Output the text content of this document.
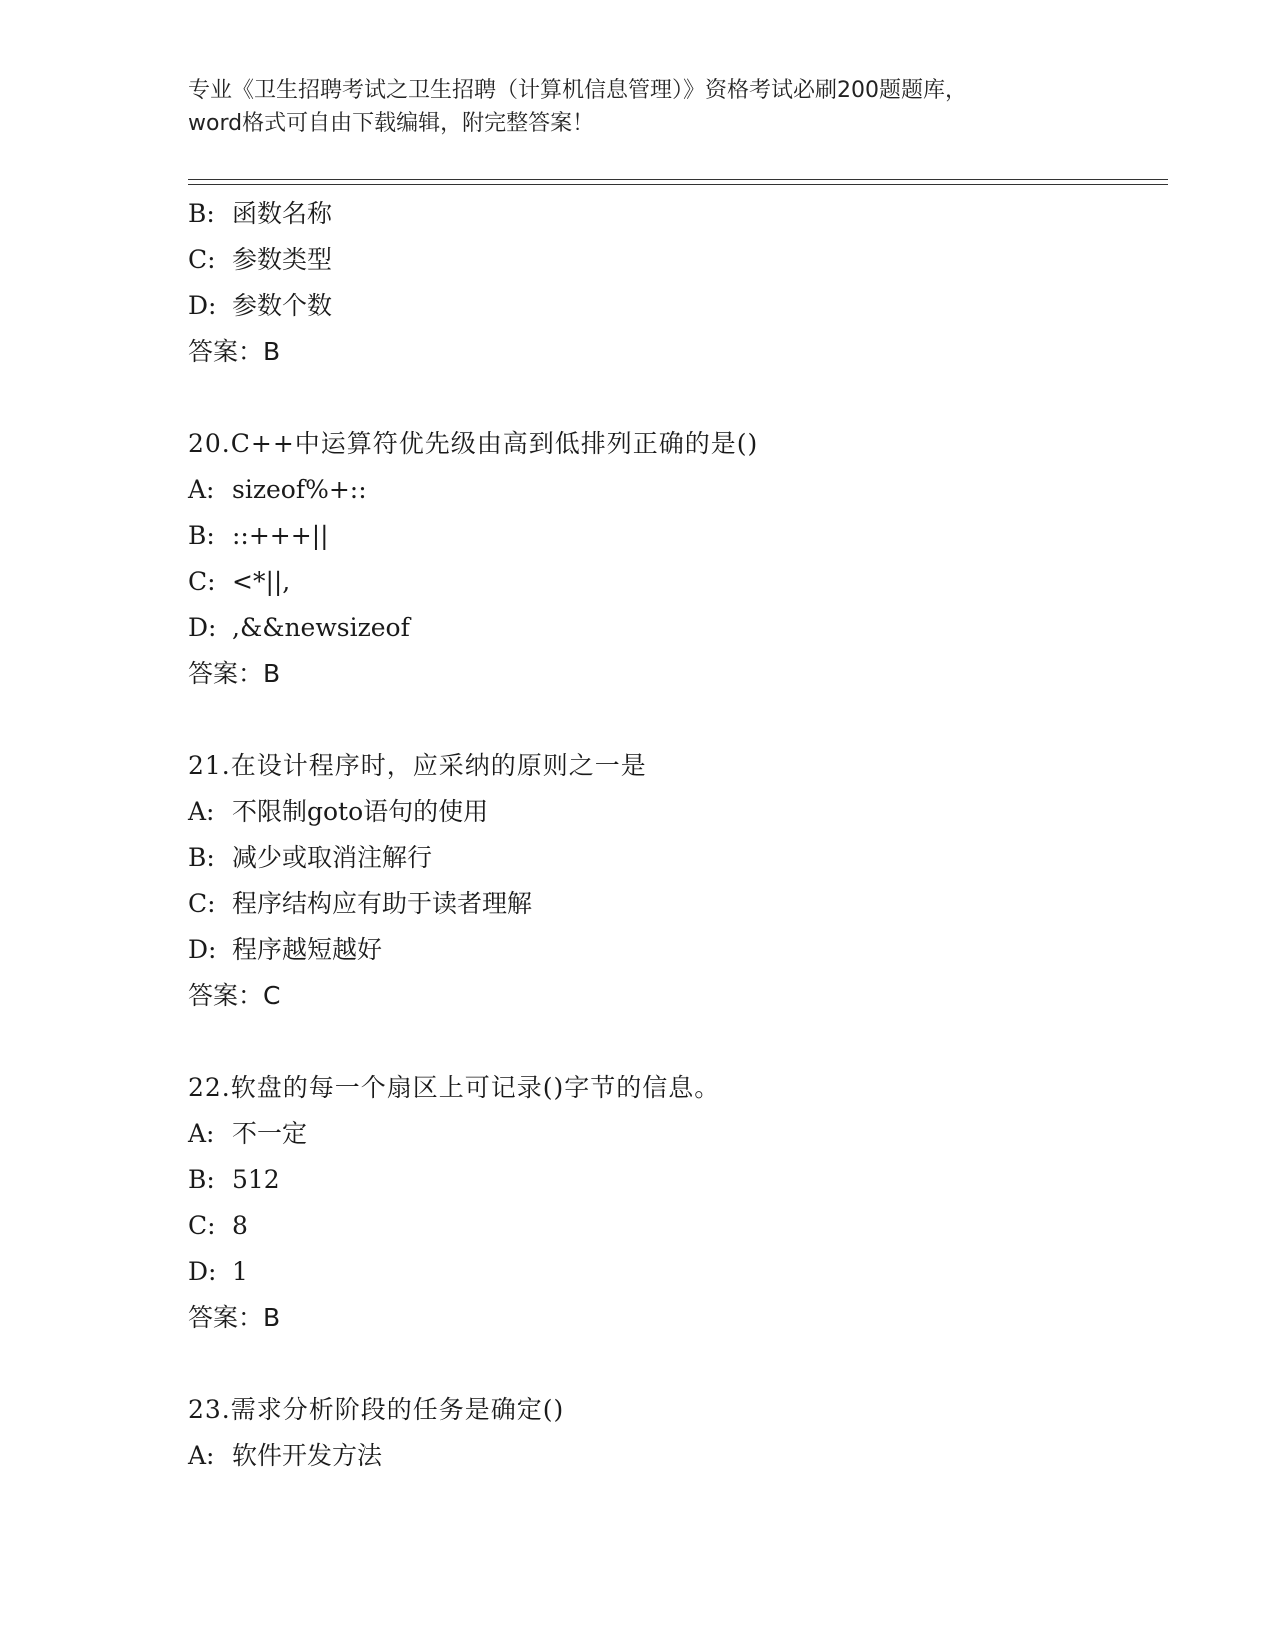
专业《卫生招聘考试之卫生招聘（计算机信息管理）》资格考试必刷200题题库，
word格式可自由下载编辑，附完整答案！
B: 函数名称
C: 参数类型
D: 参数个数
答案：B
20.C++中运算符优先级由高到低排列正确的是()
A: sizeof%+::
B: ::+++||
C: <*||,
D: ,&&newsizeof
答案：B
21.在设计程序时，应采纳的原则之一是
A: 不限制goto语句的使用
B: 减少或取消注解行
C: 程序结构应有助于读者理解
D: 程序越短越好
答案：C
22.软盘的每一个扇区上可记录()字节的信息。
A: 不一定
B: 512
C: 8
D: 1
答案：B
23.需求分析阶段的任务是确定()
A: 软件开发方法
